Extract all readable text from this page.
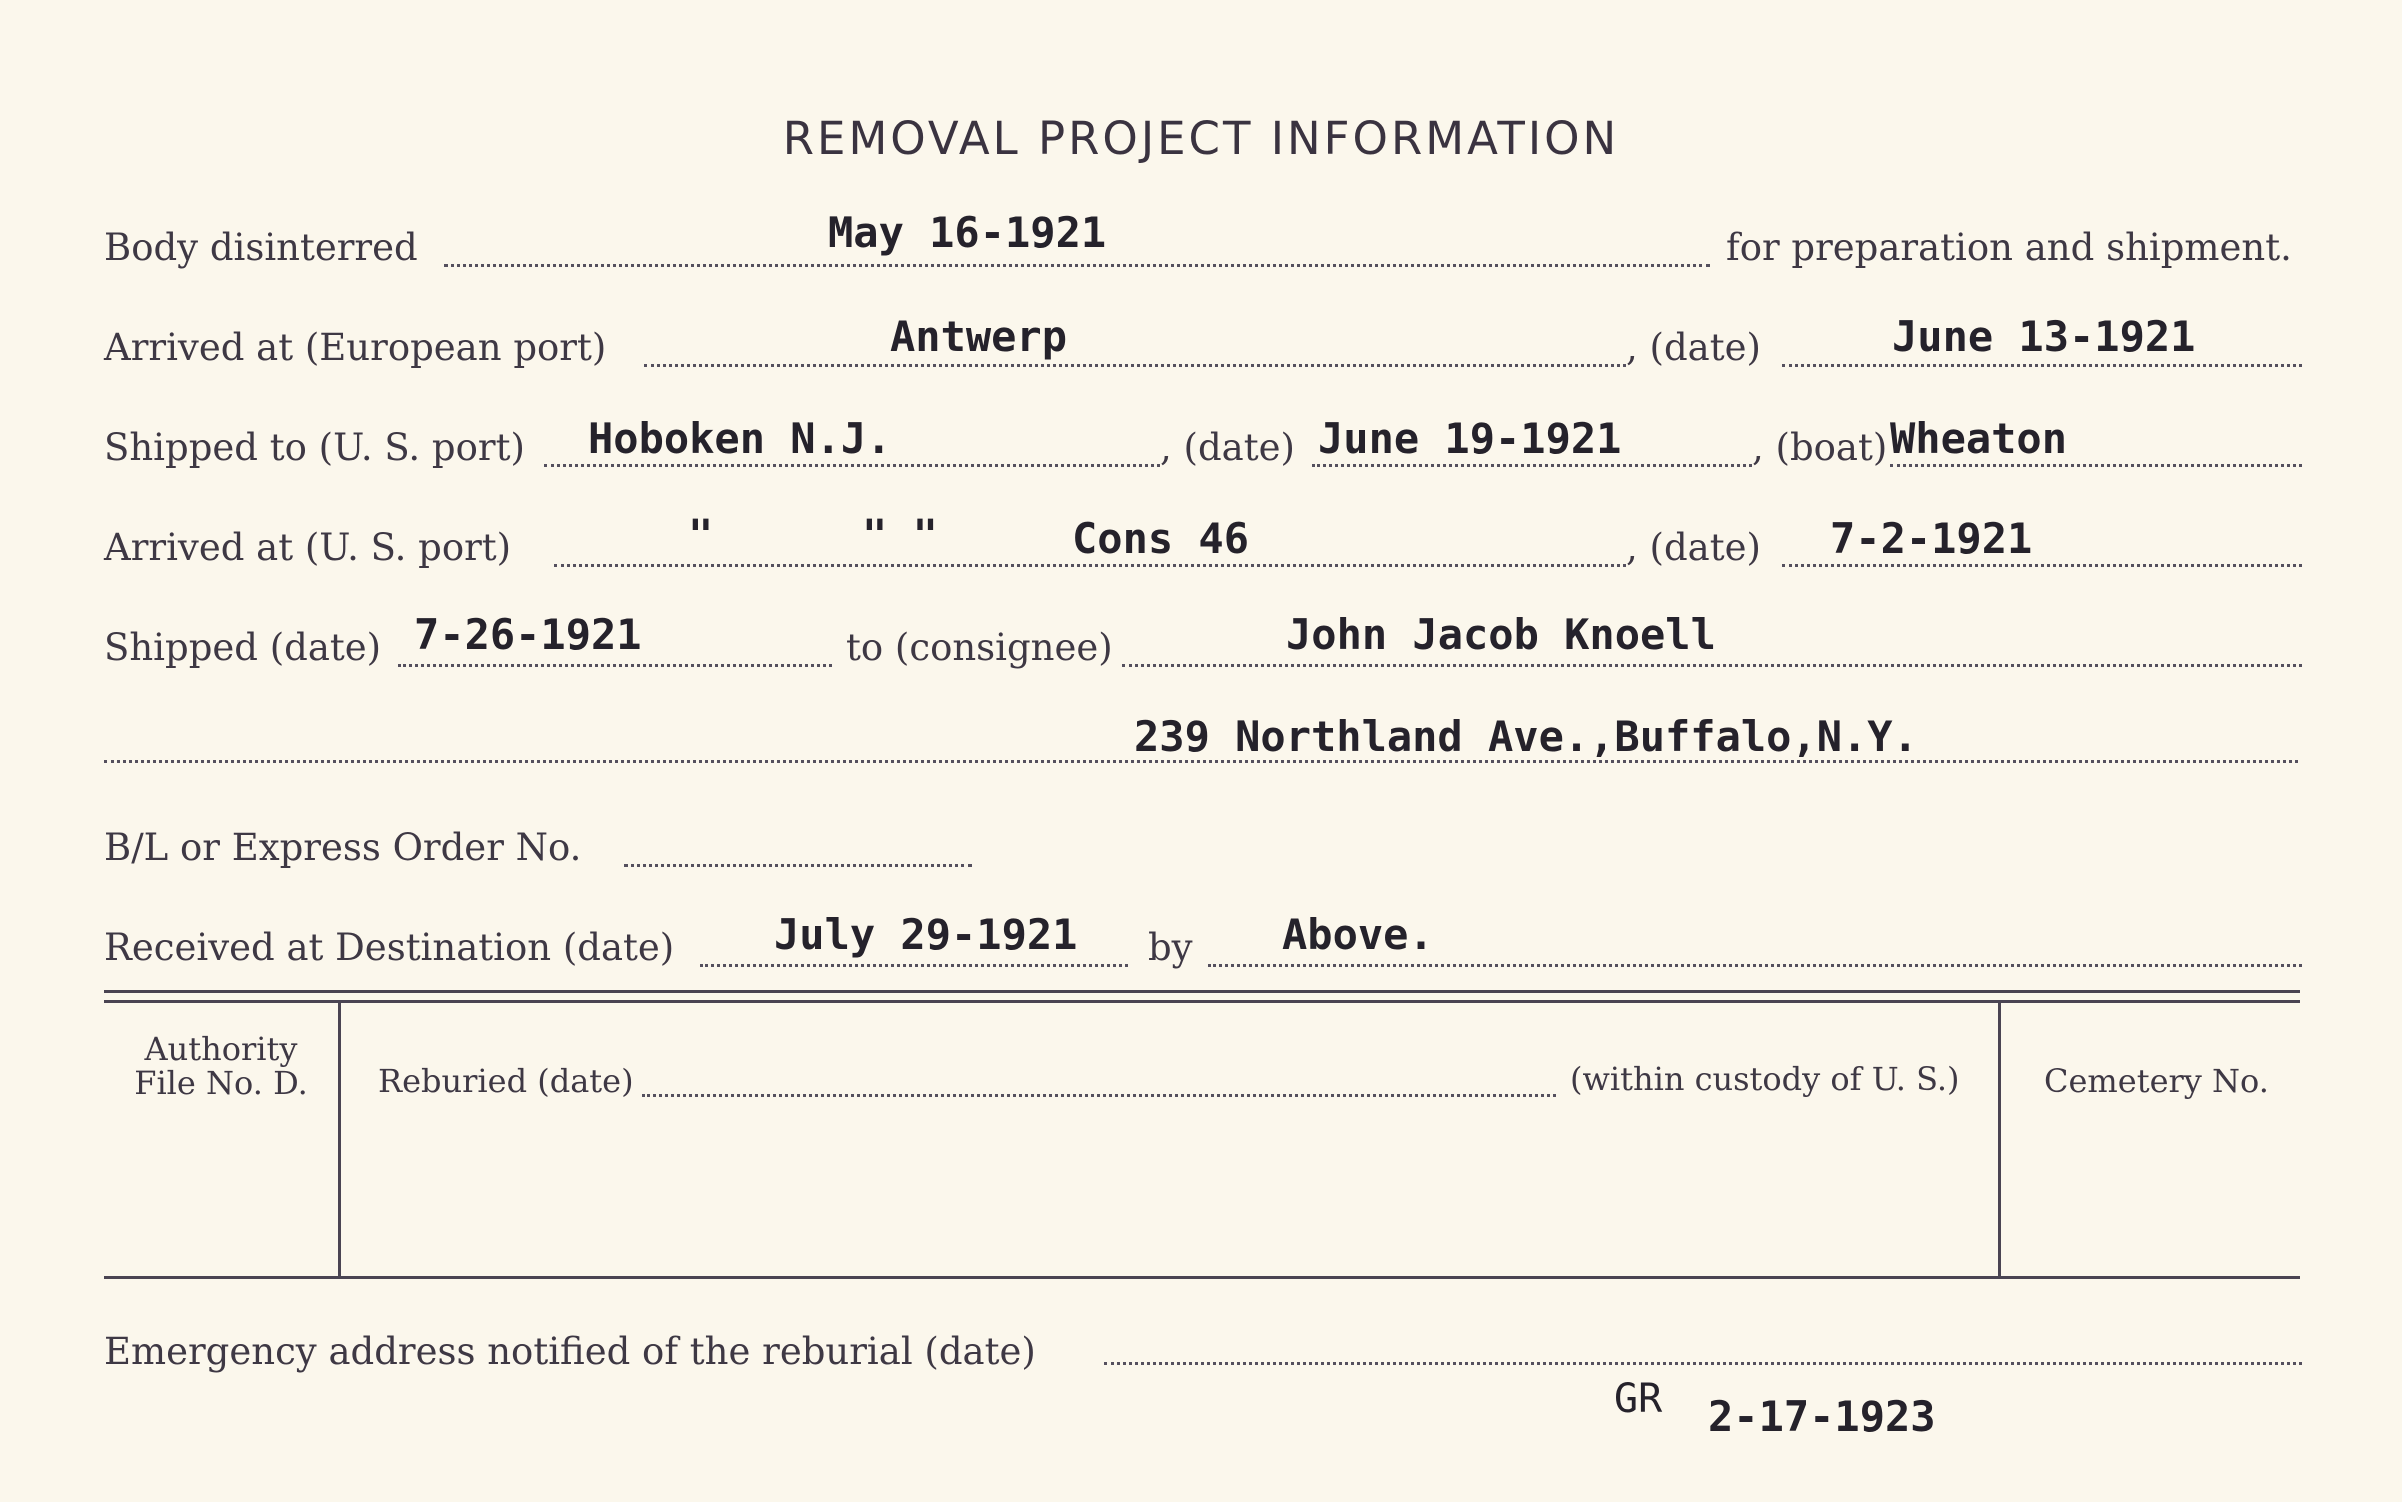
REMOVAL PROJECT INFORMATION
Body disinterred	May 16-1921	for preparation and shipment.
Arrived at (European port)	Antwerp	, (date)	June 13-1921
Shipped to (U. S. port) Hoboken N.J.	, (date) June 19-1921	, (boat) Wheaton
Arrived at (U. S. port)	"	" "	Cons 46	, (date) 7-2-1921
Shipped (date) 7-26-1921	to (consignee)	John Jacob Knoell
239 Northland Ave.,Buffalo,N.Y.
B/L or Express Order No.
Received at Destination (date) July 29-1921 by Above.
Authority
File No. D.	Reburied (date)	(within custody of U. S.)	Cemetery No.
Emergency address notified of the reburial (date)
GR 2-17-1923
